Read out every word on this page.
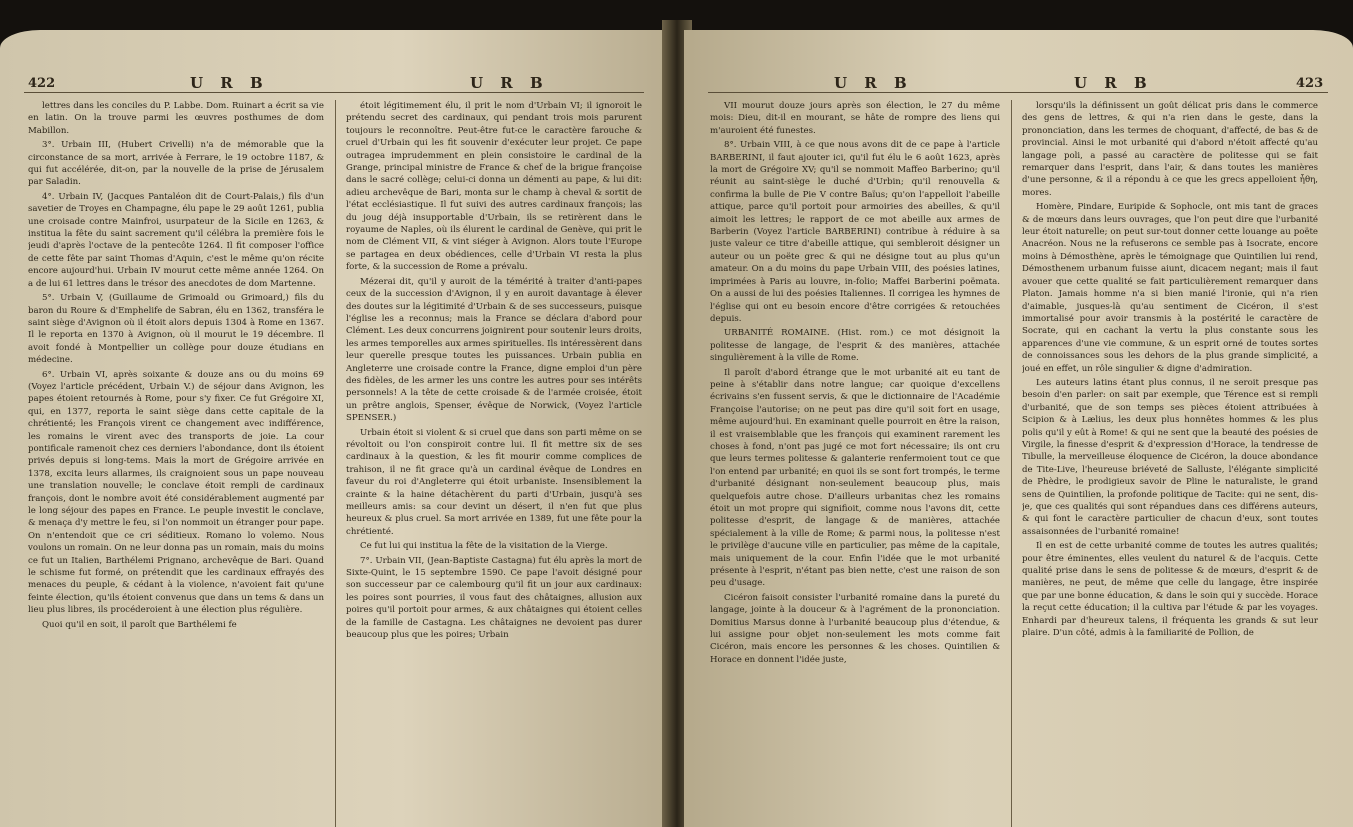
422	U R B	U R B

lettres dans les conciles du P. Labbe. Dom. Ruinart a écrit sa vie en latin. On la trouve parmi les œuvres posthumes de dom Mabillon.

3°. Urbain III, (Hubert Crivelli) n'a de mémorable que la circonstance de sa mort, arrivée à Ferrare, le 19 octobre 1187, & qui fut accélérée, dit-on, par la nouvelle de la prise de Jérusalem par Saladin.

4°. Urbain IV, (Jacques Pantaléon dit de Court-Palais,) fils d'un savetier de Troyes en Champagne, élu pape le 29 août 1261, publia une croisade contre Mainfroi, usurpateur de la Sicile en 1263, & institua la fête du saint sacrement qu'il célébra la première fois le jeudi d'après l'octave de la pentecôte 1264. Il fit composer l'office de cette fête par saint Thomas d'Aquin, c'est le même qu'on récite encore aujourd'hui. Urbain IV mourut cette même année 1264. On a de lui 61 lettres dans le trésor des anecdotes de dom Martenne.

5°. Urbain V, (Guillaume de Grimoald ou Grimoard,) fils du baron du Roure & d'Emphelife de Sabran, élu en 1362, transféra le saint siège d'Avignon où il étoit alors depuis 1304 à Rome en 1367. Il le reporta en 1370 à Avignon, où il mourut le 19 décembre. Il avoit fondé à Montpellier un collège pour douze étudians en médecine.

6°. Urbain VI, après soixante & douze ans ou du moins 69 (Voyez l'article précédent, Urbain V.) de séjour dans Avignon, les papes étoient retournés à Rome, pour s'y fixer. Ce fut Grégoire XI, qui, en 1377, reporta le saint siège dans cette capitale de la chrétienté; les François virent ce changement avec indifférence, les romains le virent avec des transports de joie. La cour pontificale ramenoit chez ces derniers l'abondance, dont ils étoient privés depuis si long-tems. Mais la mort de Grégoire arrivée en 1378, excita leurs allarmes, ils craignoient sous un pape nouveau une translation nouvelle; le conclave étoit rempli de cardinaux françois, dont le nombre avoit été considérablement augmenté par le long séjour des papes en France. Le peuple investit le conclave, & menaça d'y mettre le feu, si l'on nommoit un étranger pour pape. On n'entendoit que ce cri séditieux. Romano lo volemo. Nous voulons un romain. On ne leur donna pas un romain, mais du moins ce fut un Italien, Barthélemi Prignano, archevêque de Bari. Quand le schisme fut formé, on prétendit que les cardinaux effrayés des menaces du peuple, & cédant à la violence, n'avoient fait qu'une feinte élection, qu'ils étoient convenus que dans un tems & dans un lieu plus libres, ils procéderoient à une élection plus régulière.

Quoi qu'il en soit, il paroît que Barthélemi fe

étoit légitimement élu, il prit le nom d'Urbain VI; il ignoroit le prétendu secret des cardinaux, qui pendant trois mois parurent toujours le reconnoître. Peut-être fut-ce le caractère farouche & cruel d'Urbain qui les fit souvenir d'exécuter leur projet. Ce pape outragea imprudemment en plein consistoire le cardinal de la Grange, principal ministre de France & chef de la brigue françoise dans le sacré collège; celui-ci donna un démenti au pape, & lui dit: adieu archevêque de Bari, monta sur le champ à cheval & sortit de l'état ecclésiastique. Il fut suivi des autres cardinaux françois; las du joug déjà insupportable d'Urbain, ils se retirèrent dans le royaume de Naples, où ils élurent le cardinal de Genève, qui prit le nom de Clément VII, & vint siéger à Avignon. Alors toute l'Europe se partagea en deux obédiences, celle d'Urbain VI resta la plus forte, & la succession de Rome a prévalu.

Mézerai dit, qu'il y auroit de la témérité à traiter d'anti-papes ceux de la succession d'Avignon, il y en auroit davantage à élever des doutes sur la légitimité d'Urbain & de ses successeurs, puisque l'église les a reconnus; mais la France se déclara d'abord pour Clément. Les deux concurrens joignirent pour soutenir leurs droits, les armes temporelles aux armes spirituelles. Ils intéressèrent dans leur querelle presque toutes les puissances. Urbain publia en Angleterre une croisade contre la France, digne emploi d'un père des fidèles, de les armer les uns contre les autres pour ses intérêts personnels! A la tête de cette croisade & de l'armée croisée, étoit un prêtre anglois, Spenser, évêque de Norwick, (Voyez l'article SPENSER.)

Urbain étoit si violent & si cruel que dans son parti même on se révoltoit ou l'on conspiroit contre lui. Il fit mettre six de ses cardinaux à la question, & les fit mourir comme complices de trahison, il ne fit grace qu'à un cardinal évêque de Londres en faveur du roi d'Angleterre qui étoit urbaniste. Insensiblement la crainte & la haine détachèrent du parti d'Urbain, jusqu'à ses meilleurs amis: sa cour devint un désert, il n'en fut que plus heureux & plus cruel. Sa mort arrivée en 1389, fut une fête pour la chrétienté.

Ce fut lui qui institua la fête de la visitation de la Vierge.

7°. Urbain VII, (Jean-Baptiste Castagna) fut élu après la mort de Sixte-Quint, le 15 septembre 1590. Ce pape l'avoit désigné pour son successeur par ce calembourg qu'il fit un jour aux cardinaux: les poires sont pourries, il vous faut des châtaignes, allusion aux poires qu'il portoit pour armes, & aux châtaignes qui étoient celles de la famille de Castagna. Les châtaignes ne devoient pas durer beaucoup plus que les poires; Urbain

U R B	U R B	423

VII mourut douze jours après son élection, le 27 du même mois: Dieu, dit-il en mourant, se hâte de rompre des liens qui m'auroient été funestes.

8°. Urbain VIII, à ce que nous avons dit de ce pape à l'article BARBERINI, il faut ajouter ici, qu'il fut élu le 6 août 1623, après la mort de Grégoire XV; qu'il se nommoit Maffeo Barberino; qu'il réunit au saint-siège le duché d'Urbin; qu'il renouvella & confirma la bulle de Pie V contre Baïus; qu'on l'appelloit l'abeille attique, parce qu'il portoit pour armoiries des abeilles, & qu'il aimoit les lettres; le rapport de ce mot abeille aux armes de Barberin (Voyez l'article BARBERINI) contribue à réduire à sa juste valeur ce titre d'abeille attique, qui sembleroit désigner un auteur ou un poëte grec & qui ne désigne tout au plus qu'un amateur. On a du moins du pape Urbain VIII, des poésies latines, imprimées à Paris au louvre, in-folio; Maffei Barberini poëmata. On a aussi de lui des poésies Italiennes. Il corrigea les hymnes de l'église qui ont eu besoin encore d'être corrigées & retouchées depuis.

URBANITÉ ROMAINE. (Hist. rom.) ce mot désignoit la politesse de langage, de l'esprit & des manières, attachée singulièrement à la ville de Rome.

Il paroît d'abord étrange que le mot urbanité ait eu tant de peine à s'établir dans notre langue; car quoique d'excellens écrivains s'en fussent servis, & que le dictionnaire de l'Académie Françoise l'autorise; on ne peut pas dire qu'il soit fort en usage, même aujourd'hui. En examinant quelle pourroit en être la raison, il est vraisemblable que les françois qui examinent rarement les choses à fond, n'ont pas jugé ce mot fort nécessaire; ils ont cru que leurs termes politesse & galanterie renfermoient tout ce que l'on entend par urbanité; en quoi ils se sont fort trompés, le terme d'urbanité désignant non-seulement beaucoup plus, mais quelquefois autre chose. D'ailleurs urbanitas chez les romains étoit un mot propre qui signifioit, comme nous l'avons dit, cette politesse d'esprit, de langage & de manières, attachée spécialement à la ville de Rome; & parmi nous, la politesse n'est le privilège d'aucune ville en particulier, pas même de la capitale, mais uniquement de la cour. Enfin l'idée que le mot urbanité présente à l'esprit, n'étant pas bien nette, c'est une raison de son peu d'usage.

Cicéron faisoit consister l'urbanité romaine dans la pureté du langage, jointe à la douceur & à l'agrément de la prononciation. Domitius Marsus donne à l'urbanité beaucoup plus d'étendue, & lui assigne pour objet non-seulement les mots comme fait Cicéron, mais encore les personnes & les choses. Quintilien & Horace en donnent l'idée juste,

lorsqu'ils la définissent un goût délicat pris dans le commerce des gens de lettres, & qui n'a rien dans le geste, dans la prononciation, dans les termes de choquant, d'affecté, de bas & de provincial. Ainsi le mot urbanité qui d'abord n'étoit affecté qu'au langage poli, a passé au caractère de politesse qui se fait remarquer dans l'esprit, dans l'air, & dans toutes les manières d'une personne, & il a répondu à ce que les grecs appelloient ἦθη, mores.

Homère, Pindare, Euripide & Sophocle, ont mis tant de graces & de mœurs dans leurs ouvrages, que l'on peut dire que l'urbanité leur étoit naturelle; on peut sur-tout donner cette louange au poëte Anacréon. Nous ne la refuserons ce semble pas à Isocrate, encore moins à Démosthène, après le témoignage que Quintilien lui rend, Démosthenem urbanum fuisse aiunt, dicacem negant; mais il faut avouer que cette qualité se fait particulièrement remarquer dans Platon. Jamais homme n'a si bien manié l'ironie, qui n'a rien d'aimable, jusques-là qu'au sentiment de Cicéron, il s'est immortalisé pour avoir transmis à la postérité le caractère de Socrate, qui en cachant la vertu la plus constante sous les apparences d'une vie commune, & un esprit orné de toutes sortes de connoissances sous les dehors de la plus grande simplicité, a joué en effet, un rôle singulier & digne d'admiration.

Les auteurs latins étant plus connus, il ne seroit presque pas besoin d'en parler: on sait par exemple, que Térence est si rempli d'urbanité, que de son temps ses pièces étoient attribuées à Scipion & à Lælius, les deux plus honnêtes hommes & les plus polis qu'il y eût à Rome! & qui ne sent que la beauté des poésies de Virgile, la finesse d'esprit & d'expression d'Horace, la tendresse de Tibulle, la merveilleuse éloquence de Cicéron, la douce abondance de Tite-Live, l'heureuse briéveté de Salluste, l'élégante simplicité de Phèdre, le prodigieux savoir de Pline le naturaliste, le grand sens de Quintilien, la profonde politique de Tacite: qui ne sent, dis-je, que ces qualités qui sont répandues dans ces différens auteurs, & qui font le caractère particulier de chacun d'eux, sont toutes assaisonnées de l'urbanité romaine!

Il en est de cette urbanité comme de toutes les autres qualités; pour être éminentes, elles veulent du naturel & de l'acquis. Cette qualité prise dans le sens de politesse & de mœurs, d'esprit & de manières, ne peut, de même que celle du langage, être inspirée que par une bonne éducation, & dans le soin qui y succède. Horace la reçut cette éducation; il la cultiva par l'étude & par les voyages. Enhardi par d'heureux talens, il fréquenta les grands & sut leur plaire. D'un côté, admis à la familiarité de Pollion, de
